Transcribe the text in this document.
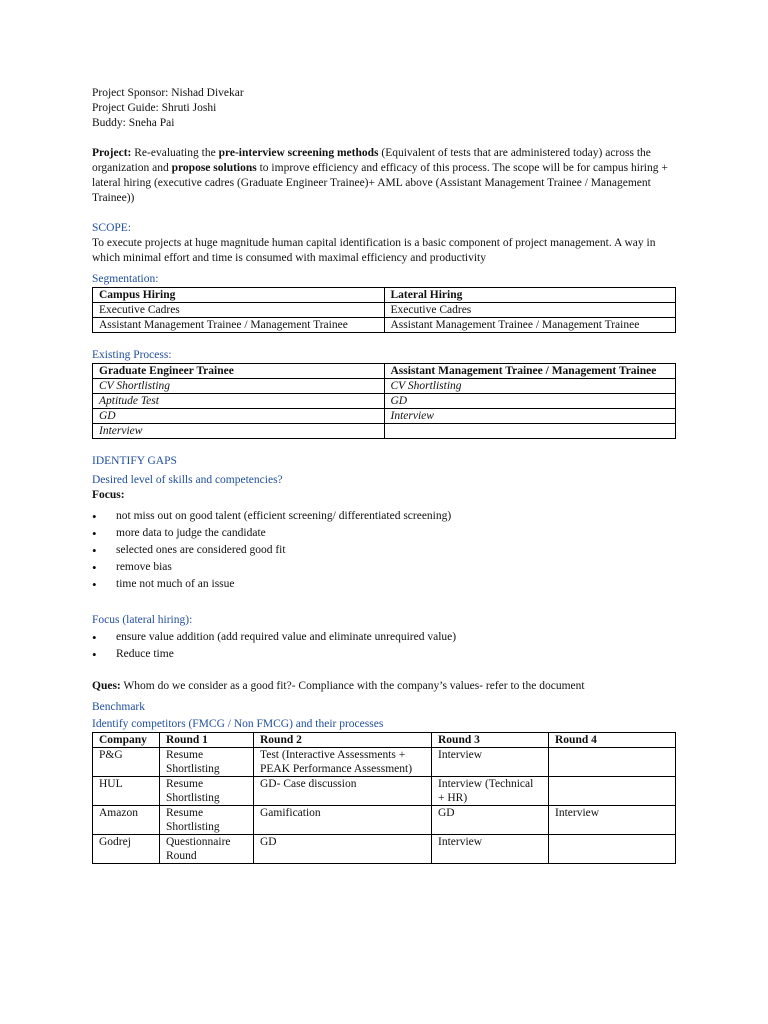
Project Sponsor: Nishad Divekar

Project Guide: Shruti Joshi

Buddy: Sneha Pai

Project: Re-evaluating the pre-interview screening methods (Equivalent of tests that are administered today) across the organization and propose solutions to improve efficiency and efficacy of this process. The scope will be for campus hiring + lateral hiring (executive cadres (Graduate Engineer Trainee)+ AML above (Assistant Management Trainee / Management Trainee))

SCOPE:

To execute projects at huge magnitude human capital identification is a basic component of project management. A way in which minimal effort and time is consumed with maximal efficiency and productivity

Segmentation:

Campus Hiring	Lateral Hiring
Executive Cadres	Executive Cadres
Assistant Management Trainee / Management Trainee	Assistant Management Trainee / Management Trainee

Existing Process:

Graduate Engineer Trainee	Assistant Management Trainee / Management Trainee
CV Shortlisting	CV Shortlisting
Aptitude Test	GD
GD	Interview
Interview	

IDENTIFY GAPS

Desired level of skills and competencies?

Focus:

• not miss out on good talent (efficient screening/ differentiated screening)
• more data to judge the candidate
• selected ones are considered good fit
• remove bias
• time not much of an issue

Focus (lateral hiring):

• ensure value addition (add required value and eliminate unrequired value)
• Reduce time

Ques: Whom do we consider as a good fit?- Compliance with the company’s values- refer to the document

Benchmark

Identify competitors (FMCG / Non FMCG) and their processes

Company	Round 1	Round 2	Round 3	Round 4
P&G	Resume Shortlisting	Test (Interactive Assessments + PEAK Performance Assessment)	Interview	
HUL	Resume Shortlisting	GD- Case discussion	Interview (Technical + HR)	
Amazon	Resume Shortlisting	Gamification	GD	Interview
Godrej	Questionnaire Round	GD	Interview	
